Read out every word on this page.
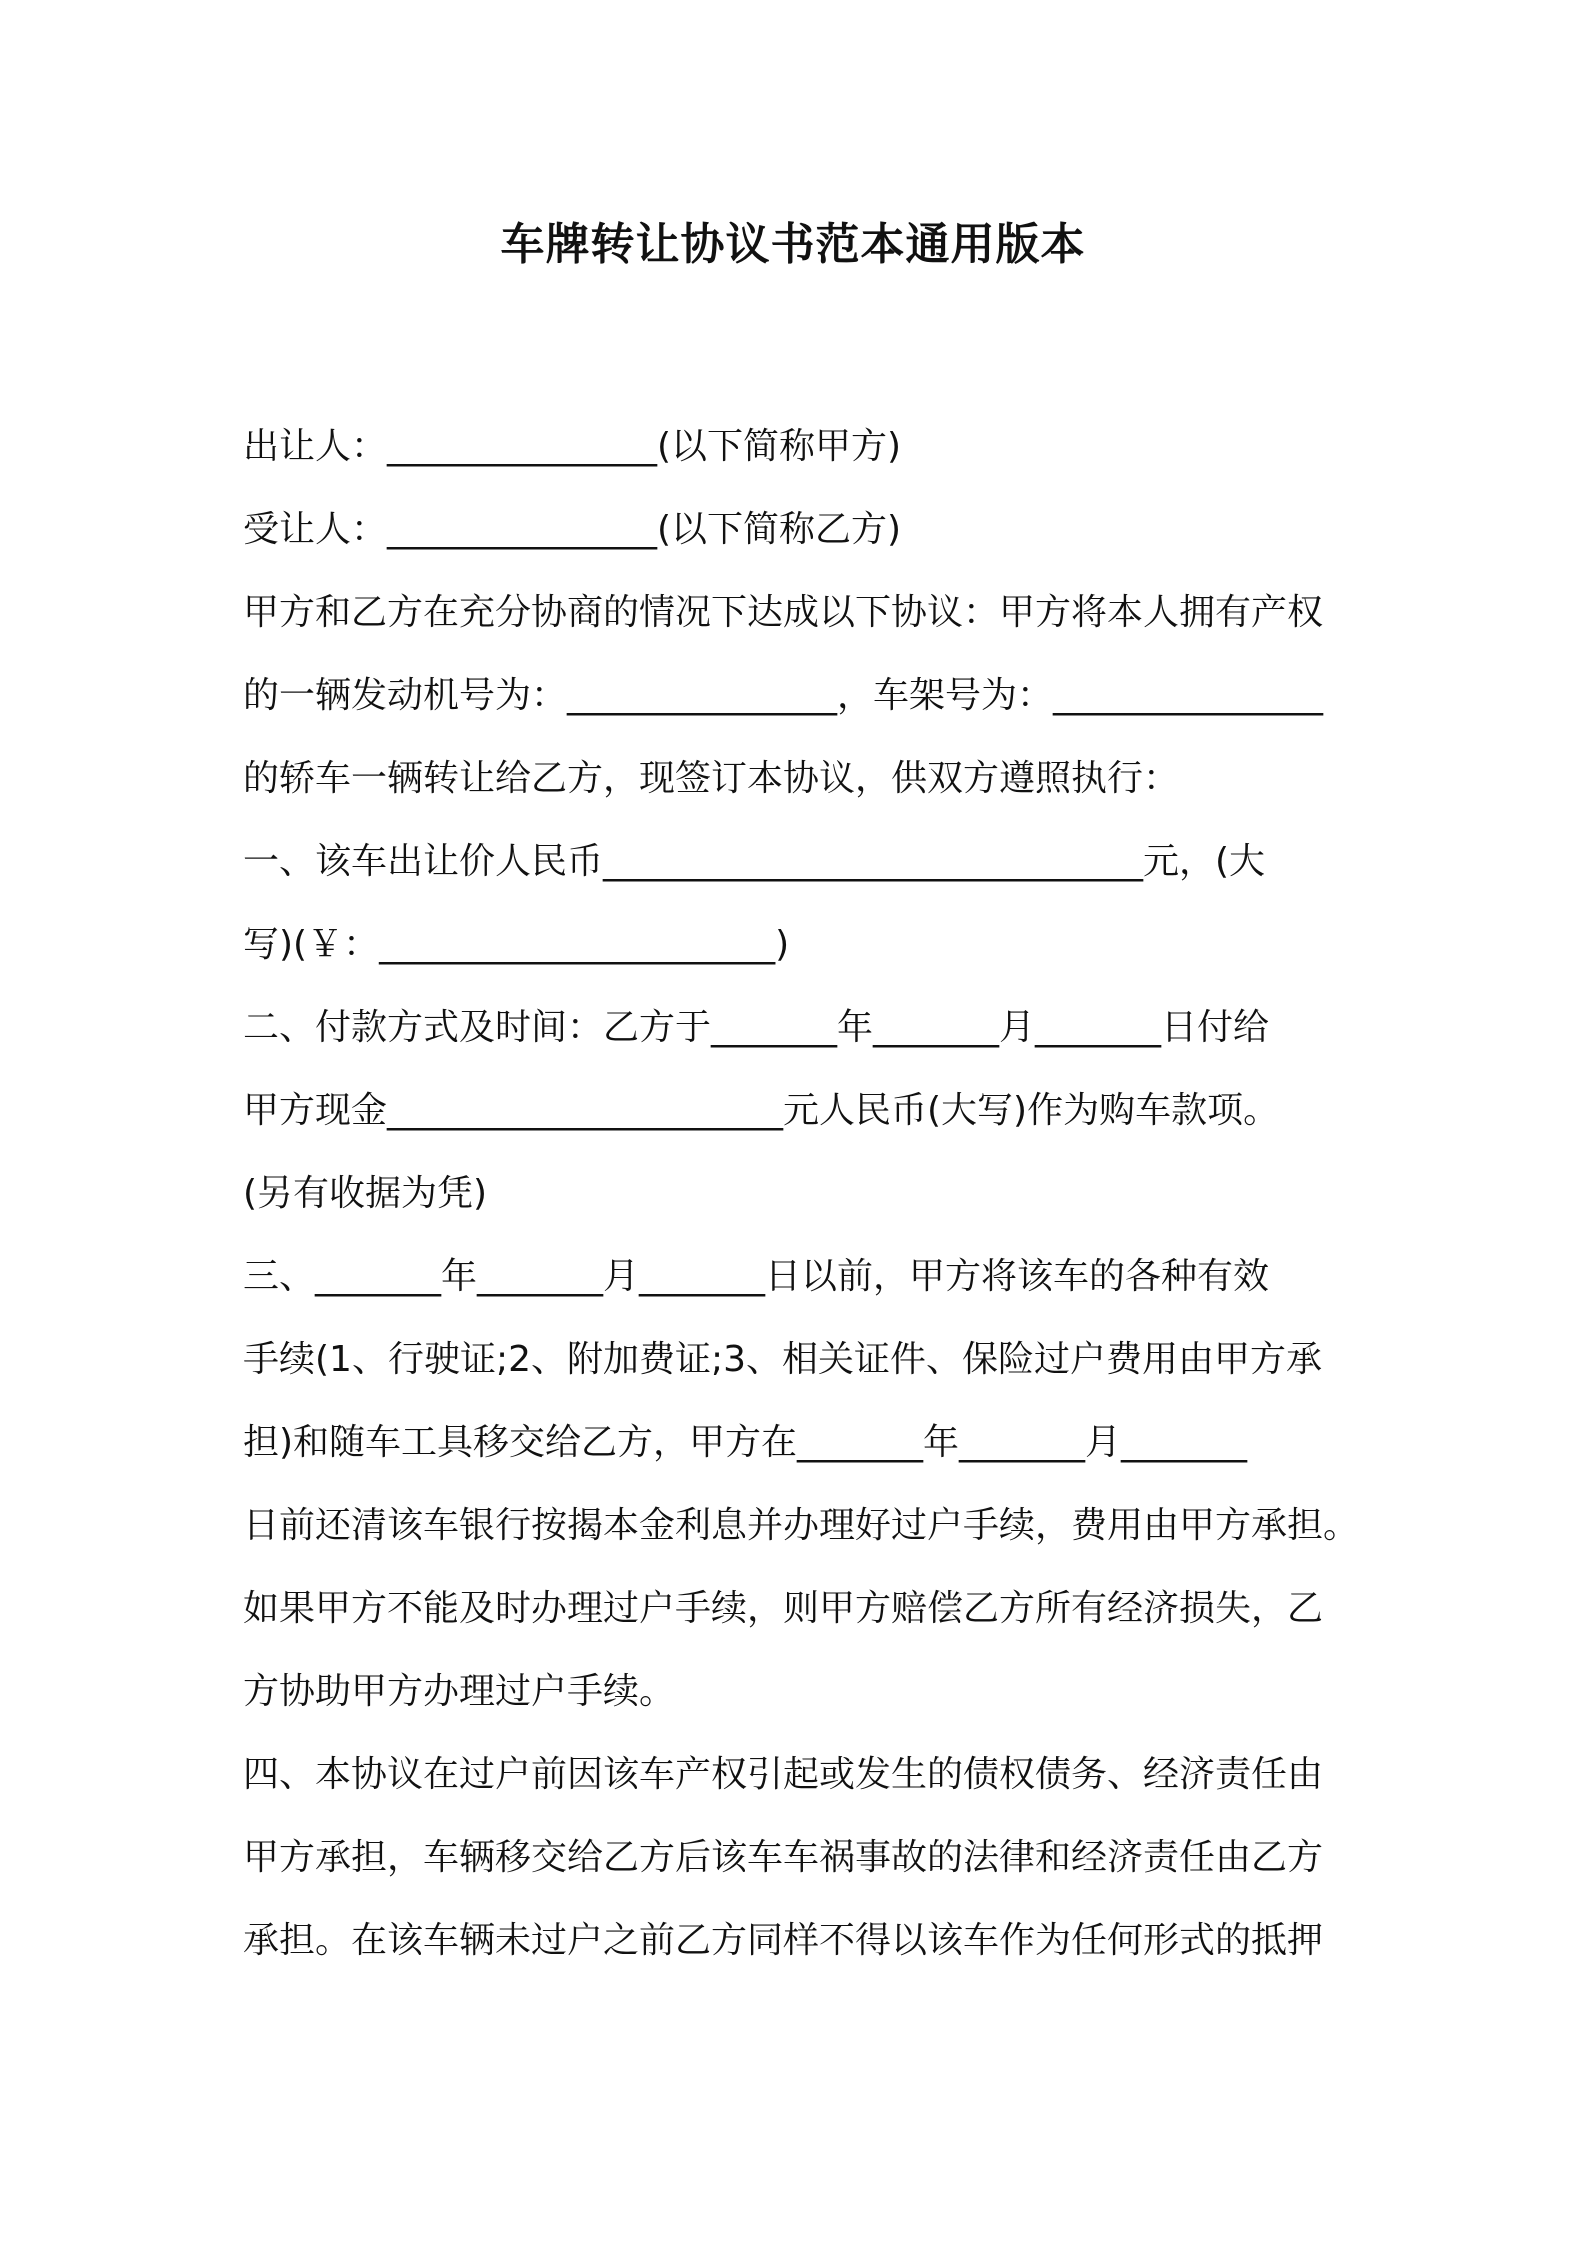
车牌转让协议书范本通用版本
出让人：_______________(以下简称甲方)
受让人：_______________(以下简称乙方)
甲方和乙方在充分协商的情况下达成以下协议：甲方将本人拥有产权
的一辆发动机号为：_______________，车架号为：_______________
的轿车一辆转让给乙方，现签订本协议，供双方遵照执行：
一、该车出让价人民币______________________________元，(大
写)(￥：______________________)
二、付款方式及时间：乙方于_______年_______月_______日付给
甲方现金______________________元人民币(大写)作为购车款项。
(另有收据为凭)
三、_______年_______月_______日以前，甲方将该车的各种有效
手续(1、行驶证;2、附加费证;3、相关证件、保险过户费用由甲方承
担)和随车工具移交给乙方，甲方在_______年_______月_______
日前还清该车银行按揭本金利息并办理好过户手续，费用由甲方承担。
如果甲方不能及时办理过户手续，则甲方赔偿乙方所有经济损失，乙
方协助甲方办理过户手续。
四、本协议在过户前因该车产权引起或发生的债权债务、经济责任由
甲方承担，车辆移交给乙方后该车车祸事故的法律和经济责任由乙方
承担。在该车辆未过户之前乙方同样不得以该车作为任何形式的抵押
